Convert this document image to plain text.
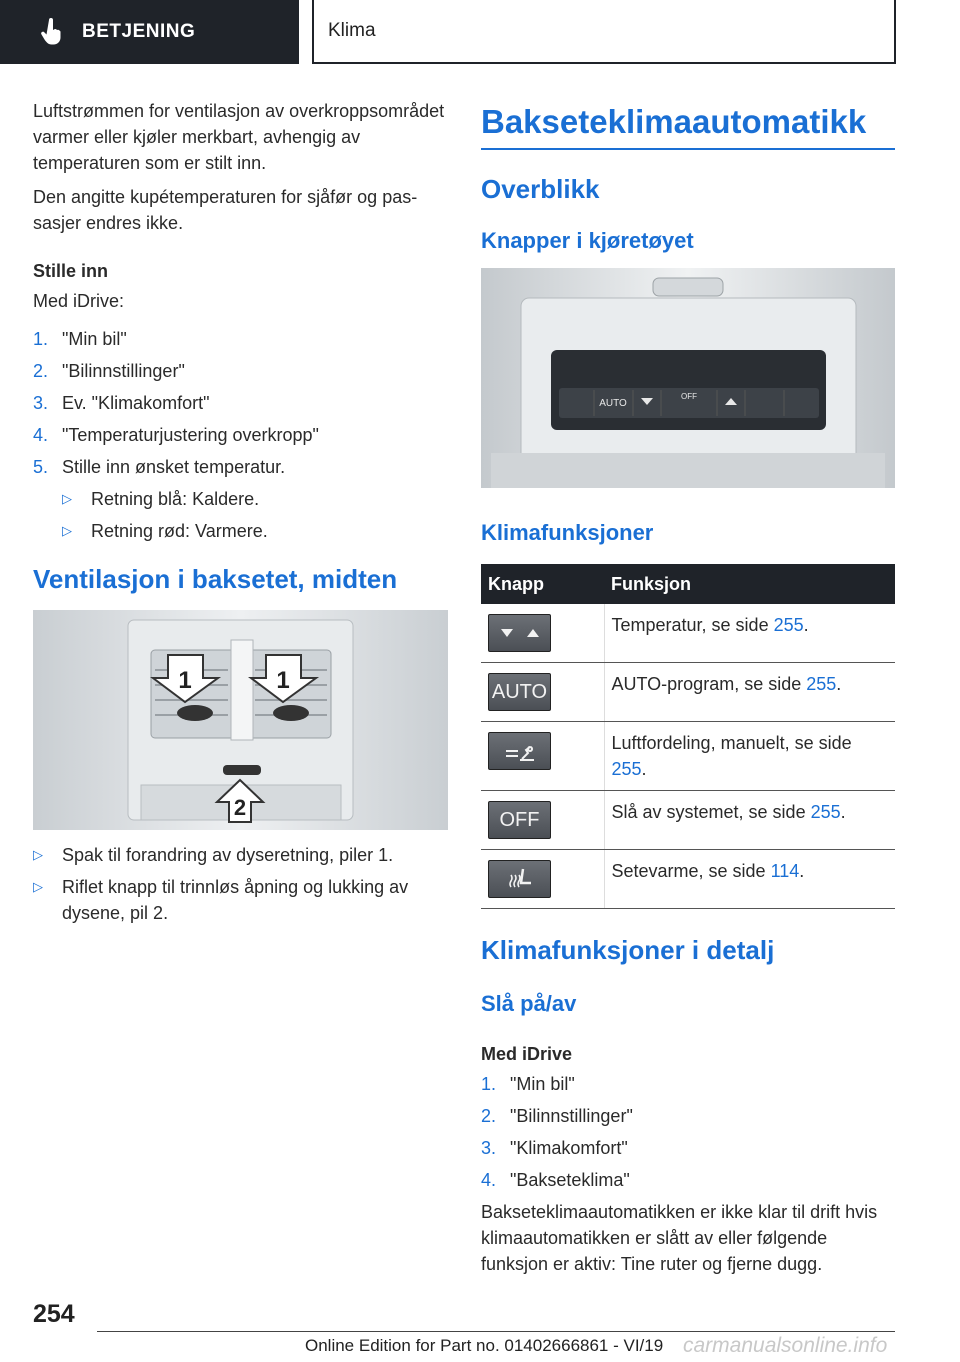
BETJENING	Klima

Luftstrømmen for ventilasjon av overkroppsområdet varmer eller kjøler merkbart, avhengig av temperaturen som er stilt inn.

Den angitte kupétemperaturen for sjåfør og passasjer endres ikke.

Stille inn

Med iDrive:

1. "Min bil"
2. "Bilinnstillinger"
3. Ev. "Klimakomfort"
4. "Temperaturjustering overkropp"
5. Stille inn ønsket temperatur.
▷ Retning blå: Kaldere.
▷ Retning rød: Varmere.
Ventilasjon i baksetet, midten
1	1
2
▷ Spak til forandring av dyseretning, piler 1.
▷ Riflet knapp til trinnløs åpning og lukking av dysene, pil 2.
Bakseteklimaautomatikk
Overblikk
Knapper i kjøretøyet
AUTO
OFF
Klimafunksjoner
Knapp	Funksjon

	Temperatur, se side 255.

AUTO	AUTO-program, se side 255.

	Luftfordeling, manuelt, se side 255.

OFF	Slå av systemet, se side 255.

	Setevarme, se side 114.
Klimafunksjoner i detalj
Slå på/av
Med iDrive
1. "Min bil"
2. "Bilinnstillinger"
3. "Klimakomfort"
4. "Bakseteklima"

Bakseteklimaautomatikken er ikke klar til drift hvis klimaautomatikken er slått av eller følgende funksjon er aktiv: Tine ruter og fjerne dugg.

254
Online Edition for Part no. 01402666861 - VI/19 carmanualsonline.info
